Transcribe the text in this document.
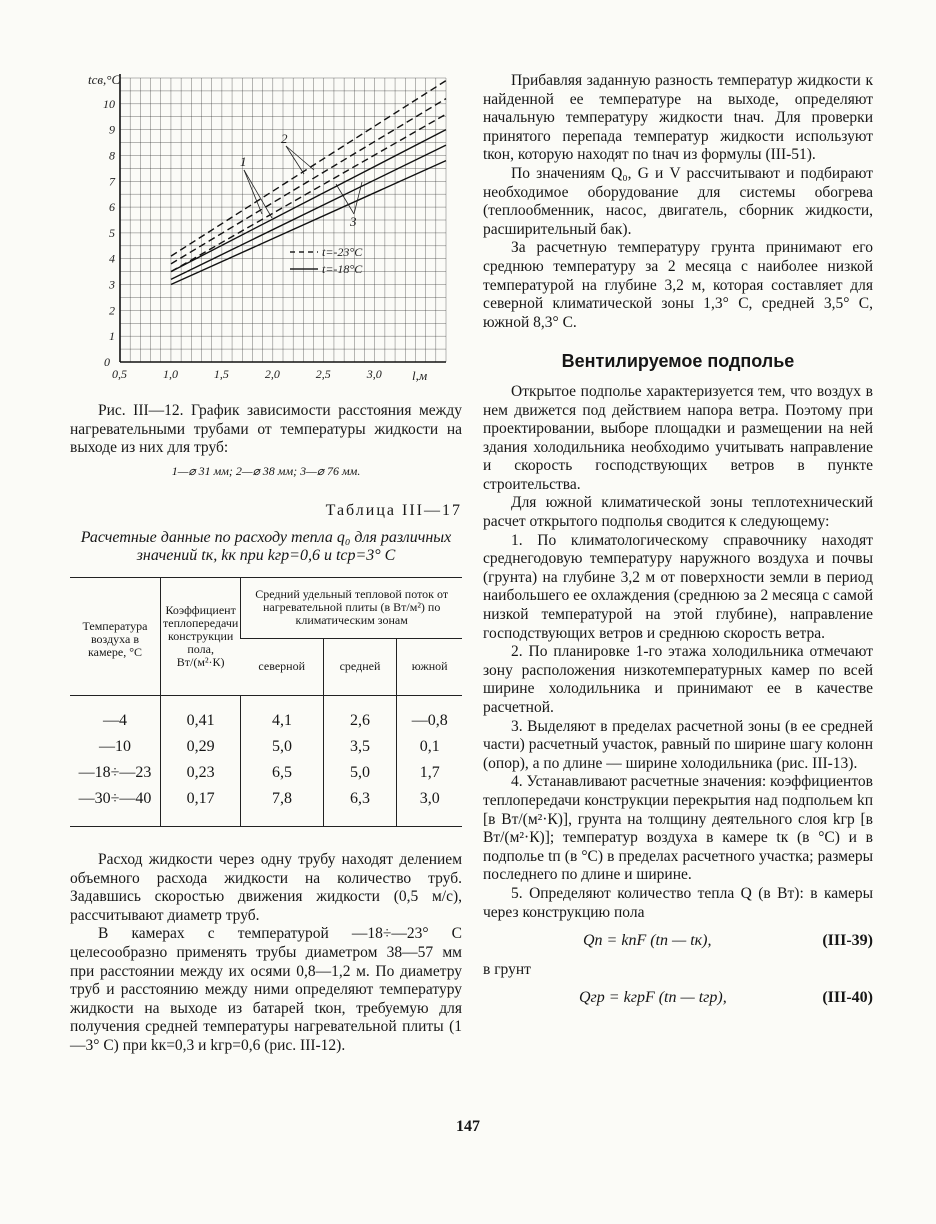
0,5	1,0	1,5	2,0	2,5	3,0
1
2
3
4
5
6
7
8
9
10
0
tсв,°С
l,м
1
2
3
t=-23°С
t=-18°С

Рис. III—12. График зависимости расстояния между нагревательными трубами от температуры жидкости на выходе из них для труб:

1—⌀ 31 мм; 2—⌀ 38 мм; 3—⌀ 76 мм.
Таблица III—17
Расчетные данные по расходу тепла q₀ для различных значений tк, kк при kгр=0,6 и tср=3° С
Температура воздуха в камере, °С	Коэффициент теплопередачи конструкции пола, Вт/(м²·К)	Средний удельный тепловой поток от нагревательной плиты (в Вт/м²) по климатическим зонам		
		северной	средней	южной
—4	0,41	4,1	2,6	—0,8
—10	0,29	5,0	3,5	0,1
—18÷—23	0,23	6,5	5,0	1,7
—30÷—40	0,17	7,8	6,3	3,0

Расход жидкости через одну трубу находят делением объемного расхода жидкости на количество труб. Задавшись скоростью движения жидкости (0,5 м/с), рассчитывают диаметр труб.

В камерах с температурой —18÷—23° С целесообразно применять трубы диаметром 38—57 мм при расстоянии между их осями 0,8—1,2 м. По диаметру труб и расстоянию между ними определяют температуру жидкости на выходе из батарей tкон, требуемую для получения средней температуры нагревательной плиты (1—3° С) при kк=0,3 и kгр=0,6 (рис. III-12).

Прибавляя заданную разность температур жидкости к найденной ее температуре на выходе, определяют начальную температуру жидкости tнач. Для проверки принятого перепада температур жидкости используют tкон, которую находят по tнач из формулы (III-51).

По значениям Q₀, G и V рассчитывают и подбирают необходимое оборудование для системы обогрева (теплообменник, насос, двигатель, сборник жидкости, расширительный бак).

За расчетную температуру грунта принимают его среднюю температуру за 2 месяца с наиболее низкой температурой на глубине 3,2 м, которая составляет для северной климатической зоны 1,3° С, средней 3,5° С, южной 8,3° С.

Вентилируемое подполье

Открытое подполье характеризуется тем, что воздух в нем движется под действием напора ветра. Поэтому при проектировании, выборе площадки и размещении на ней здания холодильника необходимо учитывать направление и скорость господствующих ветров в пункте строительства.

Для южной климатической зоны теплотехнический расчет открытого подполья сводится к следующему:

1. По климатологическому справочнику находят среднегодовую температуру наружного воздуха и почвы (грунта) на глубине 3,2 м от поверхности земли в период наибольшего ее охлаждения (среднюю за 2 месяца с самой низкой температурой на этой глубине), направление господствующих ветров и среднюю скорость ветра.

2. По планировке 1-го этажа холодильника отмечают зону расположения низкотемпературных камер по всей ширине холодильника и принимают ее в качестве расчетной.

3. Выделяют в пределах расчетной зоны (в ее средней части) расчетный участок, равный по ширине шагу колонн (опор), а по длине — ширине холодильника (рис. III-13).

4. Устанавливают расчетные значения: коэффициентов теплопередачи конструкции перекрытия над подпольем kп [в Вт/(м²·К)], грунта на толщину деятельного слоя kгр [в Вт/(м²·К)]; температур воздуха в камере tк (в °С) и в подполье tп (в °С) в пределах расчетного участка; размеры последнего по длине и ширине.

5. Определяют количество тепла Q (в Вт): в камеры через конструкцию пола

Qп = kпF (tп — tк),	(III-39)

в грунт

Qгр = kгрF (tп — tгр),	(III-40)
147
